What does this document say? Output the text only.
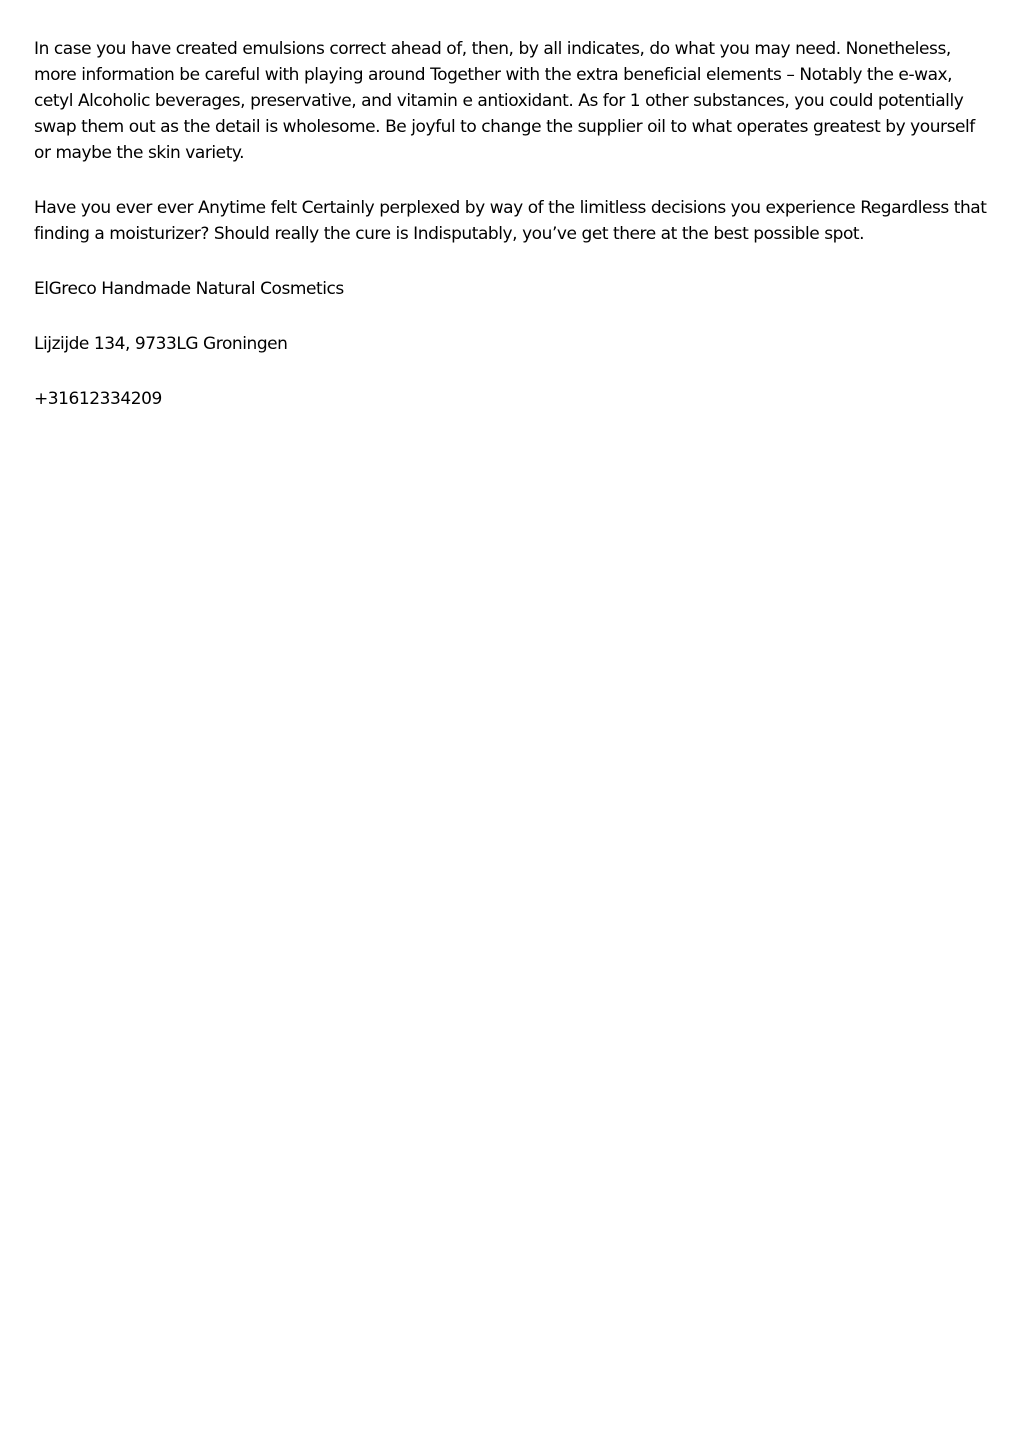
In case you have created emulsions correct ahead of, then, by all indicates, do what you may need. Nonetheless, more information be careful with playing around Together with the extra beneficial elements – Notably the e-wax, cetyl Alcoholic beverages, preservative, and vitamin e antioxidant. As for 1 other substances, you could potentially swap them out as the detail is wholesome. Be joyful to change the supplier oil to what operates greatest by yourself or maybe the skin variety.

Have you ever ever Anytime felt Certainly perplexed by way of the limitless decisions you experience Regardless that finding a moisturizer? Should really the cure is Indisputably, you’ve get there at the best possible spot.

ElGreco Handmade Natural Cosmetics

Lijzijde 134, 9733LG Groningen

+31612334209
